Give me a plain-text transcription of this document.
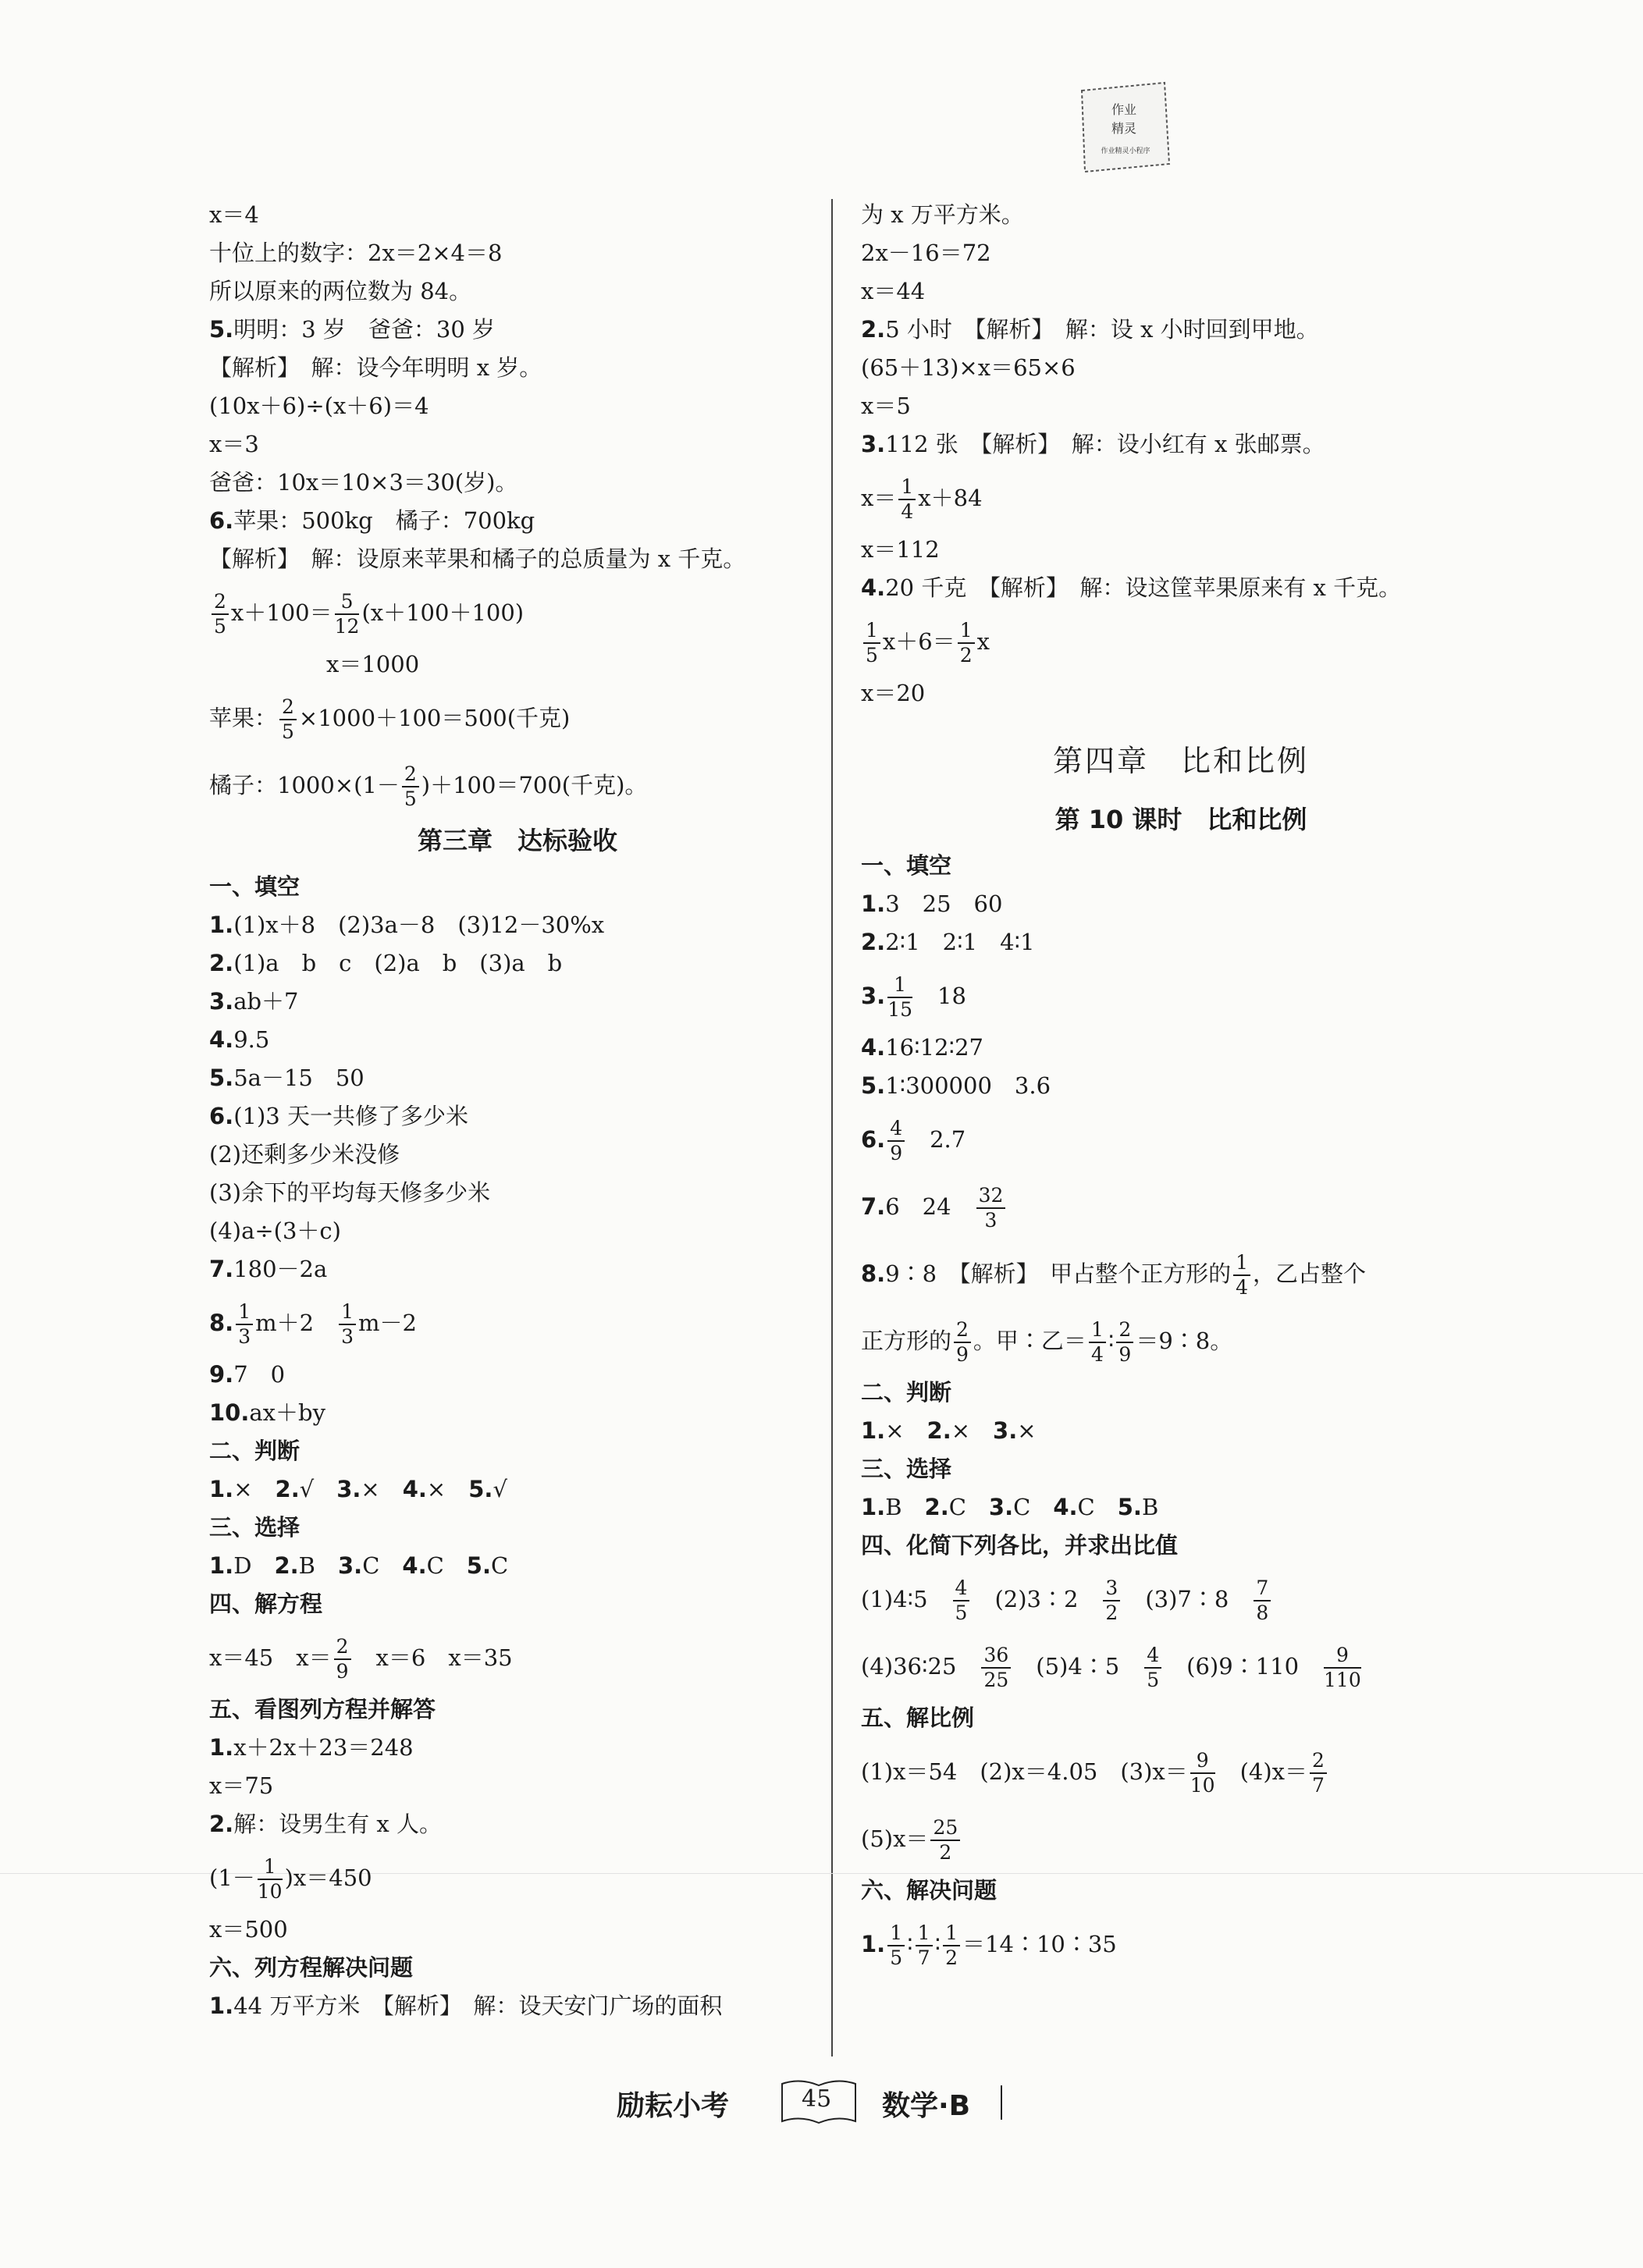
作业
精灵
作业精灵小程序
x＝4
十位上的数字：2x＝2×4＝8
所以原来的两位数为 84。
5.明明：3 岁　爸爸：30 岁
【解析】　解：设今年明明 x 岁。
(10x＋6)÷(x＋6)＝4
x＝3
爸爸：10x＝10×3＝30(岁)。
6.苹果：500kg　橘子：700kg
【解析】　解：设原来苹果和橘子的总质量为 x 千克。
$\frac{2}{5} x+100= \frac{5}{12} (x+100+100)$
x＝1000
苹果： $\frac{2}{5} \times 1000+100=500$(千克)
橘子：$1000\times(1- \frac{2}{5} )+100=700$(千克)。
第三章　达标验收
一、填空
1.(1)x＋8　(2)3a－8　(3)12－30%x
2.(1)a　b　c　(2)a　b　(3)a　b
3.ab＋7
4.9.5
5.5a－15　50
6.(1)3 天一共修了多少米
(2)还剩多少米没修
(3)余下的平均每天修多少米
(4)a÷(3＋c)
7.180－2a
8. $\frac{1}{3} m+2$　 $\frac{1}{3} m-2$
9.7　0
10.ax＋by
二、判断
1.×　2.√　3.×　4.×　5.√
三、选择
1.D　2.B　3.C　4.C　5.C
四、解方程
x＝45　$x= \frac{2}{9}$ 　x＝6　x＝35
五、看图列方程并解答
1.x＋2x＋23＝248
x＝75
2.解：设男生有 x 人。
$(1- \frac{1}{10} )x=450$
x＝500
六、列方程解决问题
1.44 万平方米　【解析】　解：设天安门广场的面积
为 x 万平方米。
2x－16＝72
x＝44
2.5 小时　【解析】　解：设 x 小时回到甲地。
(65＋13)×x＝65×6
x＝5
3.112 张　【解析】　解：设小红有 x 张邮票。
$x= \frac{1}{4} x+84$
x＝112
4.20 千克　【解析】　解：设这筐苹果原来有 x 千克。
$\frac{1}{5} x+6= \frac{1}{2}$ x
x＝20
第四章　比和比例
第 10 课时　比和比例
一、填空
1.3　25　60
2.2∶1　2∶1　4∶1
3. $\frac{1}{15}$ 　18
4.16∶12∶27
5.1∶300000　3.6
6. $\frac{4}{9}$ 　2.7
7.6　24　 $\frac{32}{3}$
8.9∶8　【解析】　甲占整个正方形的 $\frac{1}{4}$ ，乙占整个
正方形的 $\frac{2}{9}$ 。甲∶乙＝ $\frac{1}{4}$ ∶ $\frac{2}{9}$ ＝9∶8。
二、判断
1.×　2.×　3.×
三、选择
1.B　2.C　3.C　4.C　5.B
四、化简下列各比，并求出比值
(1)4∶5　 $\frac{4}{5}$ 　(2)3∶2　 $\frac{3}{2}$ 　(3)7∶8　 $\frac{7}{8}$
(4)36∶25　 $\frac{36}{25}$ 　(5)4∶5　 $\frac{4}{5}$ 　(6)9∶110　 $\frac{9}{110}$
五、解比例
(1)x＝54　(2)x＝4.05　$(3)x= \frac{9}{10}$ 　$(4)x= \frac{2}{7}$
$(5)x= \frac{25}{2}$
六、解决问题
1. $\frac{1}{5}$ ∶ $\frac{1}{7}$ ∶ $\frac{1}{2}$ ＝14∶10∶35
励耘小考	45 数学·B
